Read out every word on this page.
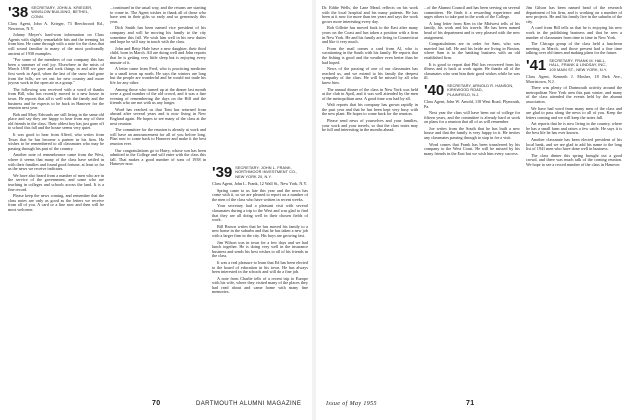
'38 SECRETARY, JOHN A. KRIEGER,
WINSLOW BUILDING, BETHEL,
CONN.

Class Agent, John A. Krieger, 73 Beechwood Rd., Newtown, N.Y.

Johnny Meyer's hard-won information on Class Agents with slightly remarkable bits and the teeming lot from him. He came through with a note for the class that will sound familiar to many of the most profoundly ancient of 1938 examples.

"For some of the members of our company this has been a summer of real joy. Elsewhere in the mists of March 1938 we gave and took things in and after the first week in April, when the last of the snow had gone from the hills, we set out for new country and more joyous work in the open air as a group."

The following was received with a word of thanks from Bill, who has recently moved to a new house in town. He reports that all is well with the family and the business and he expects to be back in Hanover for the reunion next year.

Bob and Mary Edwards are still living in the same old place and say they are happy to hear from any of their old friends in the class. Their oldest boy has just gone off to school this fall and the house seems very quiet.

It was good to hear from Alfred, who writes from Texas that he has become a partner in his firm. He wishes to be remembered to all classmates who may be passing through his part of the country.

Another note of remembrance came from the West, where it seems that many of the class have settled in with their families and found good fortune, at least so far as the news we receive indicates.

We have also heard from a number of men who are in the service of the government, and some who are teaching in colleges and schools across the land. It is a fine record.

Please keep the news coming, and remember that the class notes are only as good as the letters we receive from all of you. A card or a line now and then will be most welcome.

...continued in the usual way, and the returns are starting to come in. The Agent wishes to thank all of those who have sent in their gifts so early and so generously this year.

Dick Smith has been named vice president of his company and will be moving his family to the city sometime this fall. We wish him well in his new duties and hope he will stay in touch with the class.

John and Betty Hale have a new daughter, their third child, born in March. All are doing well and John reports that he is getting very little sleep but is enjoying every minute of it.

A letter came from Fred, who is practicing medicine in a small town up north. He says the winters are long but the people are wonderful and he would not trade his life for any other.

Among those who turned up at the dinner last month were a good number of the old crowd, and it was a fine evening of remembering the days on the Hill and the friends who are not with us any longer.

Word has reached us that Tom has returned from abroad after several years and is now living in New England again. He hopes to see many of the class at the next reunion.

The committee for the reunion is already at work and will have an announcement for all of you before long. Plan now to come back to Hanover and make it the best reunion ever.

Our congratulations go to Harry, whose son has been admitted to the College and will enter with the class this fall. That makes a good number of sons of 1938 in Hanover now.

'39 SECRETARY, JOHN L. FRANK,
NORTHMOOR INVESTMENT CO.,
NEW YORK 20, N.Y.

Class Agent, John L. Frank, 12 Wall St., New York, N.Y.

Spring came to us late this year and the news has come with it, so we are pleased to report on a number of the men of the class who have written in recent weeks.

Your secretary had a pleasant visit with several classmates during a trip to the West and was glad to find that they are all doing well in their chosen fields of work.

Bill Brown writes that he has moved his family to a new home in the suburbs and that he has taken a new job with a larger firm in the city. His boys are growing fast.

Jim Wilson was in town for a few days and we had lunch together. He is doing very well in the insurance business and sends his best wishes to all of his friends in the class.

It was a real pleasure to learn that Ed has been elected to the board of education in his town. He has always been interested in the schools and will do a fine job.

A note from Charlie tells of a recent trip to Europe with his wife, where they visited many of the places they had read about and came home with many fine memories.

70	DARTMOUTH ALUMNI MAGAZINE

Dr. Eddie Wells, the Lane Mead, reflects on his work with the local hospital and his many patients. He has been at it now for more than ten years and says the work grows more interesting every day.

Bob Gillette has moved back to the East after many years on the Coast and has taken a position with a firm in New York. He and his family are living in Connecticut and like it very much.

From the mail comes a card from Al, who is vacationing in the South with his family. He reports that the fishing is good and the weather even better than he had hoped.

News of the passing of one of our classmates has reached us, and we extend to his family the deepest sympathy of the class. He will be missed by all who knew him.

The annual dinner of the class in New York was held at the club in April, and it was well attended by the men of the metropolitan area. A good time was had by all.

Walt reports that his company has grown rapidly in the past year and that he has been kept very busy with the new plant. He hopes to come back for the reunion.

Please send news of yourselves and your families, your work and your travels, so that the class notes may be full and interesting in the months ahead.

...of the Alumni Council and has been serving on several committees. He finds it a rewarding experience and urges others to take part in the work of the College.

A long letter from Ken in the Midwest tells of his family, his work and his travels. He has been named head of his department and is very pleased with the new assignment.

Congratulations are in order for Sam, who was married last fall. He and his bride are living in Boston, where Sam is in the banking business with an old established firm.

It is good to report that Phil has recovered from his illness and is back at work again. He thanks all of the classmates who sent him their good wishes while he was ill.

'40 SECRETARY, ARNOLD R. HANSON,
KIRKWOOD ROAD,
PLAINFIELD, N.J.

Class Agent, John W. Arnold, 118 West Road, Plymouth, Pa.

Next year the class will have been out of college for fifteen years, and the committee is already hard at work on plans for a reunion that all of us will remember.

Joe writes from the South that he has built a new house and that the family is very happy in it. He invites any classmates passing through to stop in for a visit.

Word comes that Frank has been transferred by his company to the West Coast. He will be missed by his many friends in the East but we wish him every success.

Jim Gilson has been named head of the research department of his firm, and is working on a number of new projects. He and his family live in the suburbs of the city.

A card from Bill tells us that he is enjoying his new work in the publishing business and that he sees a number of classmates from time to time in New York.

The Chicago group of the class held a luncheon meeting in March, and those present had a fine time talking over old times and making plans for the future.

'41 SECRETARY, FRANK M. HALL,
HALL, FRANK & LINDSAY, INC.,
100 MAIN ST., NEW YORK, N.Y.

Class Agent, Kenneth J. Mosher, 18 Park Ave., Morristown, N.J.

There was plenty of Dartmouth activity around the metropolitan New York area this past winter, and many of the class attended the events held by the alumni association.

We have had word from many men of the class and are glad to pass along the news to all of you. Keep the letters coming and we will keep the notes full.

Art reports that he is now living in the country, where he has a small farm and raises a few cattle. He says it is the best life he has ever known.

Another classmate has been elected president of his local bank, and we are glad to add his name to the long list of 1941 men who have done well in business.

The class dinner this spring brought out a good crowd, and there was much talk of the coming reunion. We hope to see a record number of the class in Hanover.

Issue of May 1955	71
